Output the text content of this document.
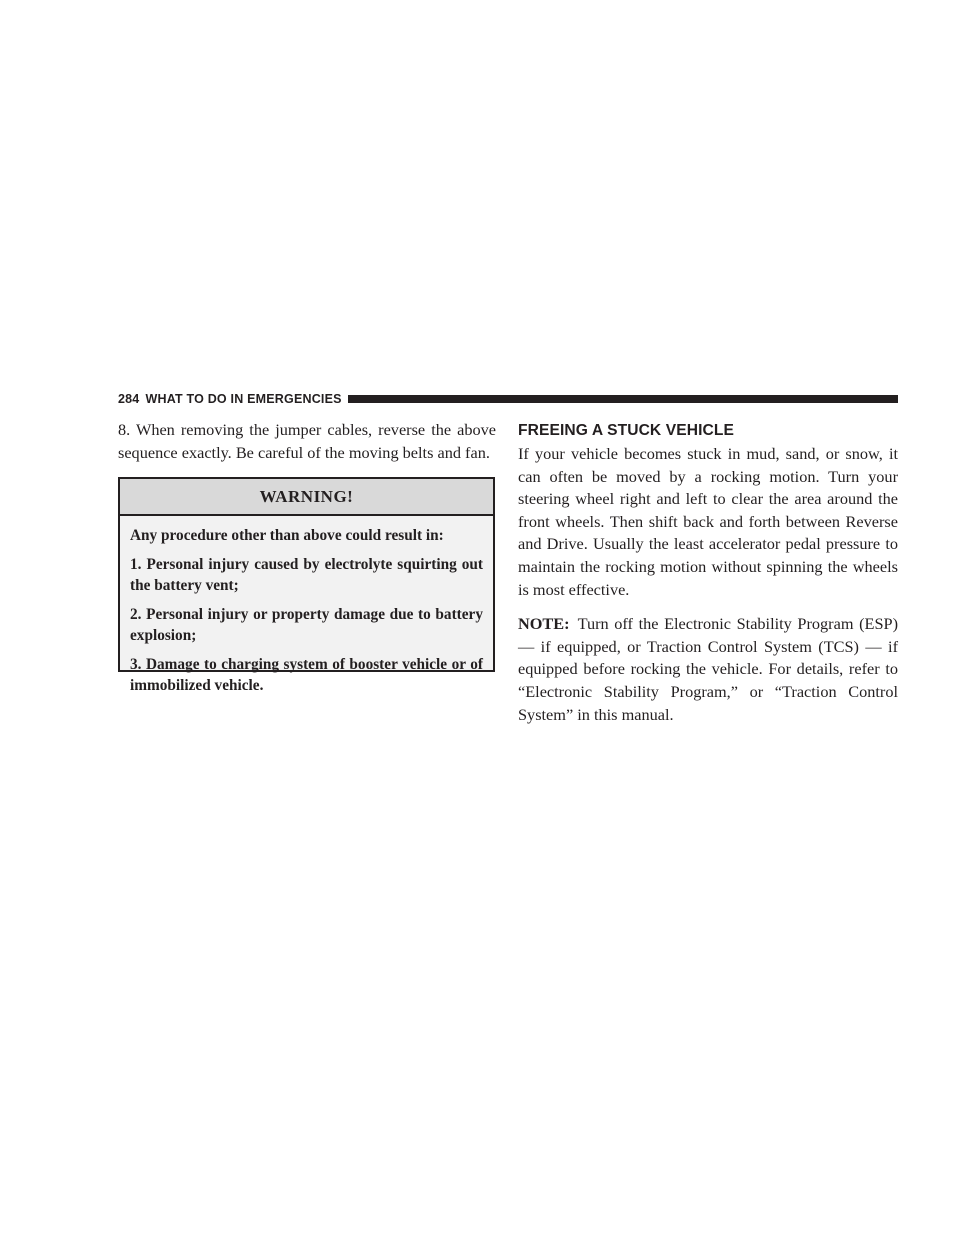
284 WHAT TO DO IN EMERGENCIES

8. When removing the jumper cables, reverse the above sequence exactly. Be careful of the moving belts and fan.

WARNING!

Any procedure other than above could result in:

1. Personal injury caused by electrolyte squirting out the battery vent;

2. Personal injury or property damage due to battery explosion;

3. Damage to charging system of booster vehicle or of immobilized vehicle.

FREEING A STUCK VEHICLE

If your vehicle becomes stuck in mud, sand, or snow, it can often be moved by a rocking motion. Turn your steering wheel right and left to clear the area around the front wheels. Then shift back and forth between Reverse and Drive. Usually the least accelerator pedal pressure to maintain the rocking motion without spinning the wheels is most effective.

NOTE: Turn off the Electronic Stability Program (ESP) — if equipped, or Traction Control System (TCS) — if equipped before rocking the vehicle. For details, refer to “Electronic Stability Program,” or “Traction Control System” in this manual.
